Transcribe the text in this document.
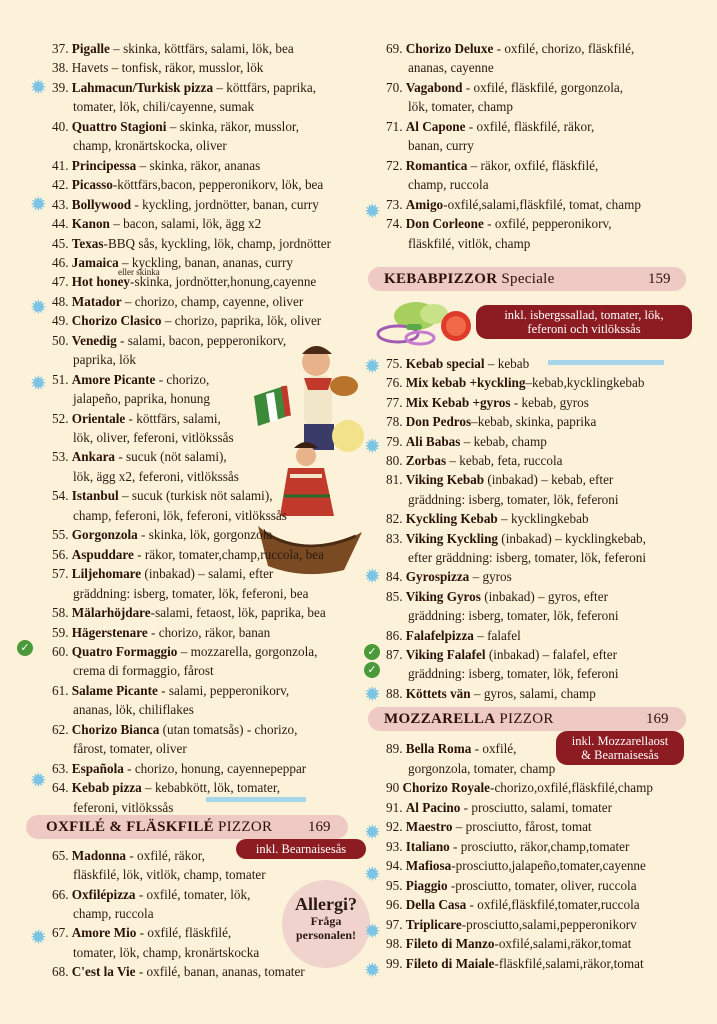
OXFILÉ & FLÄSKFILÉ PIZZOR 169
inkl. Bearnaisesås
KEBABPIZZOR Speciale	159
inkl. isbergssallad, tomater, lök, feferoni och vitlökssås
MOZZARELLA PIZZOR	169
inkl. Mozzarellaost
& Bearnaisesås
Allergi?
Fråga
personalen!
eller skinka
37. Pigalle – skinka, köttfärs, salami, lök, bea
38. Havets – tonfisk, räkor, musslor, lök
39. Lahmacun/Turkisk pizza – köttfärs, paprika,
tomater, lök, chili/cayenne, sumak
40. Quattro Stagioni – skinka, räkor, musslor,
champ, kronärtskocka, oliver
41. Principessa – skinka, räkor, ananas
42. Picasso-köttfärs,bacon, pepperonikorv, lök, bea
43. Bollywood - kyckling, jordnötter, banan, curry
44. Kanon – bacon, salami, lök, ägg x2
45. Texas-BBQ sås, kyckling, lök, champ, jordnötter
46. Jamaica – kyckling, banan, ananas, curry
47. Hot honey-skinka, jordnötter,honung,cayenne
48. Matador – chorizo, champ, cayenne, oliver
49. Chorizo Clasico – chorizo, paprika, lök, oliver
50. Venedig - salami, bacon, pepperonikorv,
paprika, lök
51. Amore Picante - chorizo,
jalapeño, paprika, honung
52. Orientale - köttfärs, salami,
lök, oliver, feferoni, vitlökssås
53. Ankara - sucuk (nöt salami),
lök, ägg x2, feferoni, vitlökssås
54. Istanbul – sucuk (turkisk nöt salami),
champ, feferoni, lök, feferoni, vitlökssås
55. Gorgonzola - skinka, lök, gorgonzola
56. Aspuddare - räkor, tomater,champ,ruccola, bea
57. Liljehomare (inbakad) – salami, efter
gräddning: isberg, tomater, lök, feferoni, bea
58. Mälarhöjdare-salami, fetaost, lök, paprika, bea
59. Hägerstenare - chorizo, räkor, banan
60. Quatro Formaggio – mozzarella, gorgonzola,
crema di formaggio, fårost
61. Salame Picante - salami, pepperonikorv,
ananas, lök, chiliflakes
62. Chorizo Bianca (utan tomatsås) - chorizo,
fårost, tomater, oliver
63. Española - chorizo, honung, cayennepeppar
64. Kebab pizza – kebabkött, lök, tomater,
feferoni, vitlökssås
65. Madonna - oxfilé, räkor,
fläskfilé, lök, vitlök, champ, tomater
66. Oxfilépizza - oxfilé, tomater, lök,
champ, ruccola
67. Amore Mio - oxfilé, fläskfilé,
tomater, lök, champ, kronärtskocka
68. C'est la Vie - oxfilé, banan, ananas, tomater
69. Chorizo Deluxe - oxfilé, chorizo, fläskfilé,
ananas, cayenne
70. Vagabond - oxfilé, fläskfilé, gorgonzola,
lök, tomater, champ
71. Al Capone - oxfilé, fläskfilé, räkor,
banan, curry
72. Romantica – räkor, oxfilé, fläskfilé,
champ, ruccola
73. Amigo-oxfilé,salami,fläskfilé, tomat, champ
74. Don Corleone - oxfilé, pepperonikorv,
fläskfilé, vitlök, champ
75. Kebab special – kebab
76. Mix kebab +kyckling–kebab,kycklingkebab
77. Mix Kebab +gyros - kebab, gyros
78. Don Pedros–kebab, skinka, paprika
79. Ali Babas – kebab, champ
80. Zorbas – kebab, feta, ruccola
81. Viking Kebab (inbakad) – kebab, efter
gräddning: isberg, tomater, lök, feferoni
82. Kyckling Kebab – kycklingkebab
83. Viking Kyckling (inbakad) – kycklingkebab,
efter gräddning: isberg, tomater, lök, feferoni
84. Gyrospizza – gyros
85. Viking Gyros (inbakad) – gyros, efter
gräddning: isberg, tomater, lök, feferoni
86. Falafelpizza – falafel
87. Viking Falafel (inbakad) – falafel, efter
gräddning: isberg, tomater, lök, feferoni
88. Köttets vän – gyros, salami, champ
89. Bella Roma - oxfilé,
gorgonzola, tomater, champ
90 Chorizo Royale-chorizo,oxfilé,fläskfilé,champ
91. Al Pacino - prosciutto, salami, tomater
92. Maestro – prosciutto, fårost, tomat
93. Italiano - prosciutto, räkor,champ,tomater
94. Mafiosa-prosciutto,jalapeño,tomater,cayenne
95. Piaggio -prosciutto, tomater, oliver, ruccola
96. Della Casa - oxfilé,fläskfilé,tomater,ruccola
97. Triplicare-prosciutto,salami,pepperonikorv
98. Fileto di Manzo-oxfilé,salami,räkor,tomat
99. Fileto di Maiale-fläskfilé,salami,räkor,tomat
✹
✹
✹
✹
✹
✹
✹
✹
✹
✹
✹
✹
✹
✹
✹
✓	✓
✓
